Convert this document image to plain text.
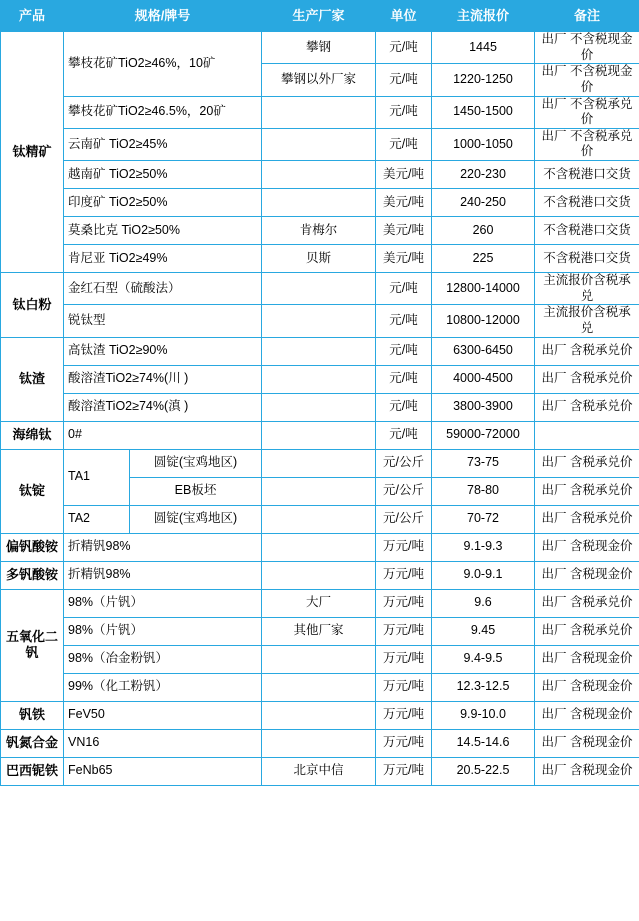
产品	规格/牌号		生产厂家	单位	主流报价	备注
钛精矿	攀枝花矿TiO2≥46%，10矿		攀钢	元/吨	1445	出厂 不含税现金价
			攀钢以外厂家	元/吨	1220-1250	出厂 不含税现金价
	攀枝花矿TiO2≥46.5%，20矿			元/吨	1450-1500	出厂 不含税承兑价
	云南矿 TiO2≥45%			元/吨	1000-1050	出厂 不含税承兑价
	越南矿 TiO2≥50%			美元/吨	220-230	不含税港口交货
	印度矿 TiO2≥50%			美元/吨	240-250	不含税港口交货
	莫桑比克 TiO2≥50%		肯梅尔	美元/吨	260	不含税港口交货
	肯尼亚 TiO2≥49%		贝斯	美元/吨	225	不含税港口交货
钛白粉	金红石型（硫酸法）			元/吨	12800-14000	主流报价含税承兑
	锐钛型			元/吨	10800-12000	主流报价含税承兑
钛渣	高钛渣 TiO2≥90%			元/吨	6300-6450	出厂 含税承兑价
	酸溶渣TiO2≥74%(川 )			元/吨	4000-4500	出厂 含税承兑价
	酸溶渣TiO2≥74%(滇 )			元/吨	3800-3900	出厂 含税承兑价
海绵钛	0#			元/吨	59000-72000	
钛锭	TA1	圆锭(宝鸡地区)		元/公斤	73-75	出厂 含税承兑价
		EB板坯		元/公斤	78-80	出厂 含税承兑价
	TA2	圆锭(宝鸡地区)		元/公斤	70-72	出厂 含税承兑价
偏钒酸铵	折精钒98%			万元/吨	9.1-9.3	出厂 含税现金价
多钒酸铵	折精钒98%			万元/吨	9.0-9.1	出厂 含税现金价
五氧化二钒	98%（片钒）		大厂	万元/吨	9.6	出厂 含税承兑价
	98%（片钒）		其他厂家	万元/吨	9.45	出厂 含税承兑价
	98%（冶金粉钒）			万元/吨	9.4-9.5	出厂 含税现金价
	99%（化工粉钒）			万元/吨	12.3-12.5	出厂 含税现金价
钒铁	FeV50			万元/吨	9.9-10.0	出厂 含税现金价
钒氮合金	VN16			万元/吨	14.5-14.6	出厂 含税现金价
巴西铌铁	FeNb65		北京中信	万元/吨	20.5-22.5	出厂 含税现金价
